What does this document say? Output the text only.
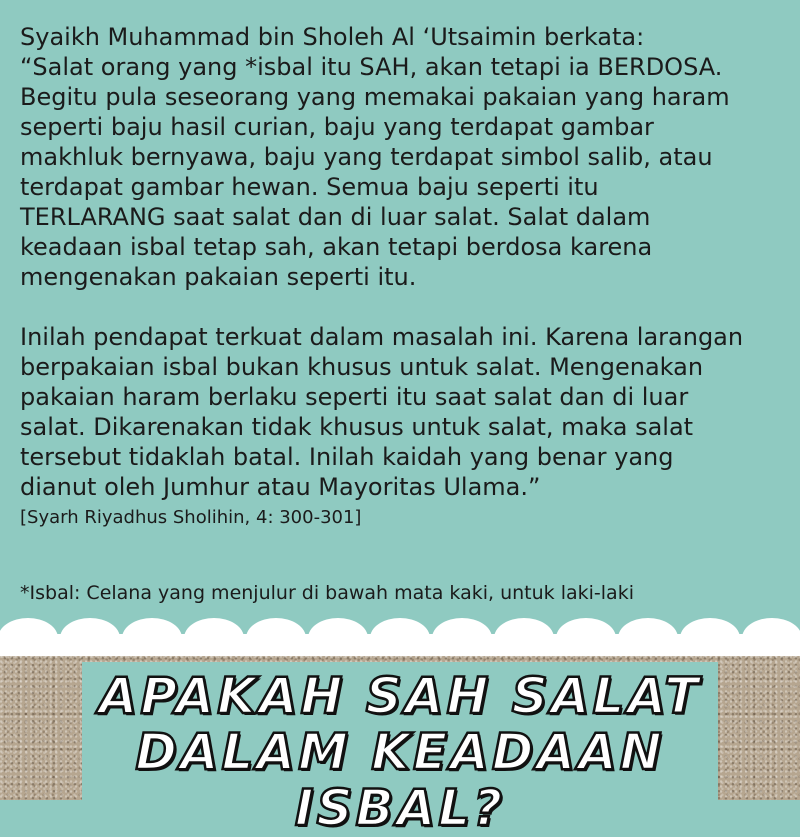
Syaikh Muhammad bin Sholeh Al ‘Utsaimin berkata:
“Salat orang yang *isbal itu SAH, akan tetapi ia BERDOSA.
Begitu pula seseorang yang memakai pakaian yang haram
seperti baju hasil curian, baju yang terdapat gambar
makhluk bernyawa, baju yang terdapat simbol salib, atau
terdapat gambar hewan. Semua baju seperti itu
TERLARANG saat salat dan di luar salat. Salat dalam
keadaan isbal tetap sah, akan tetapi berdosa karena
mengenakan pakaian seperti itu.
Inilah pendapat terkuat dalam masalah ini. Karena larangan
berpakaian isbal bukan khusus untuk salat. Mengenakan
pakaian haram berlaku seperti itu saat salat dan di luar
salat. Dikarenakan tidak khusus untuk salat, maka salat
tersebut tidaklah batal. Inilah kaidah yang benar yang
dianut oleh Jumhur atau Mayoritas Ulama.”
[Syarh Riyadhus Sholihin, 4: 300-301]
*Isbal: Celana yang menjulur di bawah mata kaki, untuk laki-laki
APAKAH SAH SALAT
DALAM KEADAAN ISBAL?
